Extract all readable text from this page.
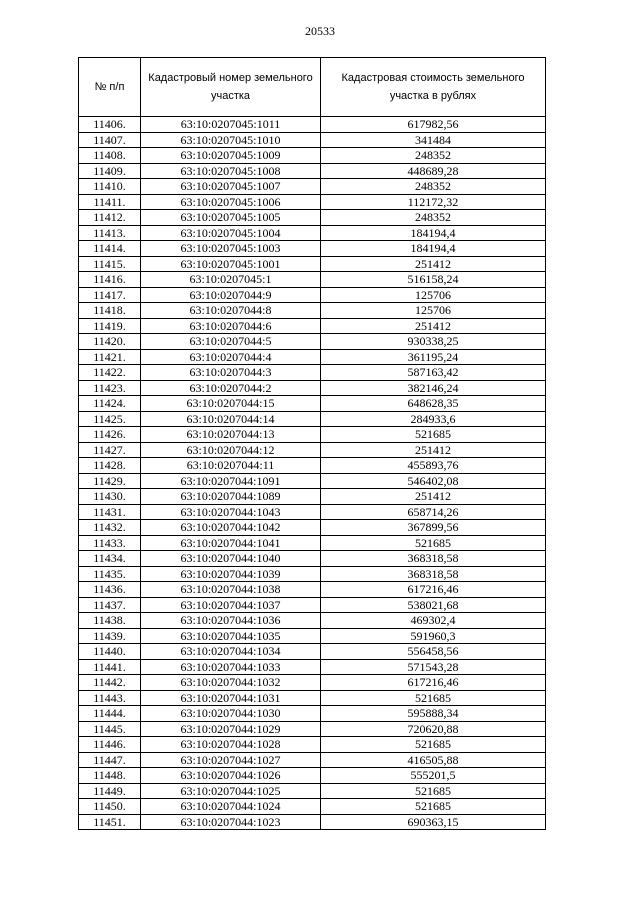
20533
№ п/п	Кадастровый номер земельного участка	Кадастровая стоимость земельного участка в рублях
11406.	63:10:0207045:1011	617982,56
11407.	63:10:0207045:1010	341484
11408.	63:10:0207045:1009	248352
11409.	63:10:0207045:1008	448689,28
11410.	63:10:0207045:1007	248352
11411.	63:10:0207045:1006	112172,32
11412.	63:10:0207045:1005	248352
11413.	63:10:0207045:1004	184194,4
11414.	63:10:0207045:1003	184194,4
11415.	63:10:0207045:1001	251412
11416.	63:10:0207045:1	516158,24
11417.	63:10:0207044:9	125706
11418.	63:10:0207044:8	125706
11419.	63:10:0207044:6	251412
11420.	63:10:0207044:5	930338,25
11421.	63:10:0207044:4	361195,24
11422.	63:10:0207044:3	587163,42
11423.	63:10:0207044:2	382146,24
11424.	63:10:0207044:15	648628,35
11425.	63:10:0207044:14	284933,6
11426.	63:10:0207044:13	521685
11427.	63:10:0207044:12	251412
11428.	63:10:0207044:11	455893,76
11429.	63:10:0207044:1091	546402,08
11430.	63:10:0207044:1089	251412
11431.	63:10:0207044:1043	658714,26
11432.	63:10:0207044:1042	367899,56
11433.	63:10:0207044:1041	521685
11434.	63:10:0207044:1040	368318,58
11435.	63:10:0207044:1039	368318,58
11436.	63:10:0207044:1038	617216,46
11437.	63:10:0207044:1037	538021,68
11438.	63:10:0207044:1036	469302,4
11439.	63:10:0207044:1035	591960,3
11440.	63:10:0207044:1034	556458,56
11441.	63:10:0207044:1033	571543,28
11442.	63:10:0207044:1032	617216,46
11443.	63:10:0207044:1031	521685
11444.	63:10:0207044:1030	595888,34
11445.	63:10:0207044:1029	720620,88
11446.	63:10:0207044:1028	521685
11447.	63:10:0207044:1027	416505,88
11448.	63:10:0207044:1026	555201,5
11449.	63:10:0207044:1025	521685
11450.	63:10:0207044:1024	521685
11451.	63:10:0207044:1023	690363,15
